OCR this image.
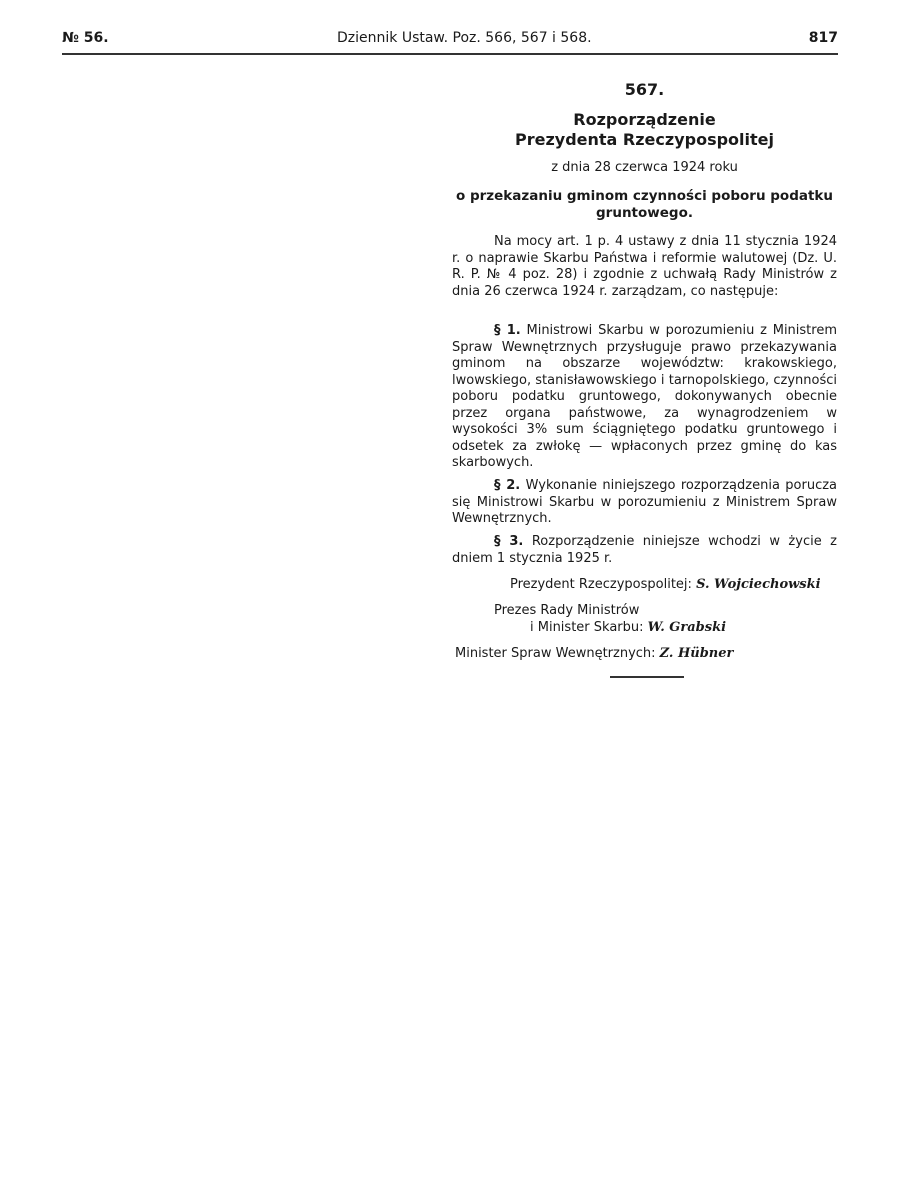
№ 56.	Dziennik Ustaw. Poz. 566, 567 i 568.	817
567.
Rozporządzenie
Prezydenta Rzeczypospolitej
z dnia 28 czerwca 1924 roku
o przekazaniu gminom czynności poboru podatku gruntowego.
Na mocy art. 1 p. 4 ustawy z dnia 11 stycznia 1924 r. o naprawie Skarbu Państwa i reformie walutowej (Dz. U. R. P. № 4 poz. 28) i zgodnie z uchwałą Rady Ministrów z dnia 26 czerwca 1924 r. zarządzam, co następuje:
§ 1. Ministrowi Skarbu w porozumieniu z Ministrem Spraw Wewnętrznych przysługuje prawo przekazywania gminom na obszarze województw: krakowskiego, lwowskiego, stanisławowskiego i tarnopolskiego, czynności poboru podatku gruntowego, dokonywanych obecnie przez organa państwowe, za wynagrodzeniem w wysokości 3% sum ściągniętego podatku gruntowego i odsetek za zwłokę — wpłaconych przez gminę do kas skarbowych.
§ 2. Wykonanie niniejszego rozporządzenia porucza się Ministrowi Skarbu w porozumieniu z Ministrem Spraw Wewnętrznych.
§ 3. Rozporządzenie niniejsze wchodzi w życie z dniem 1 stycznia 1925 r.
Prezydent Rzeczypospolitej: S. Wojciechowski
Prezes Rady Ministrów
i Minister Skarbu: W. Grabski
Minister Spraw Wewnętrznych: Z. Hübner
